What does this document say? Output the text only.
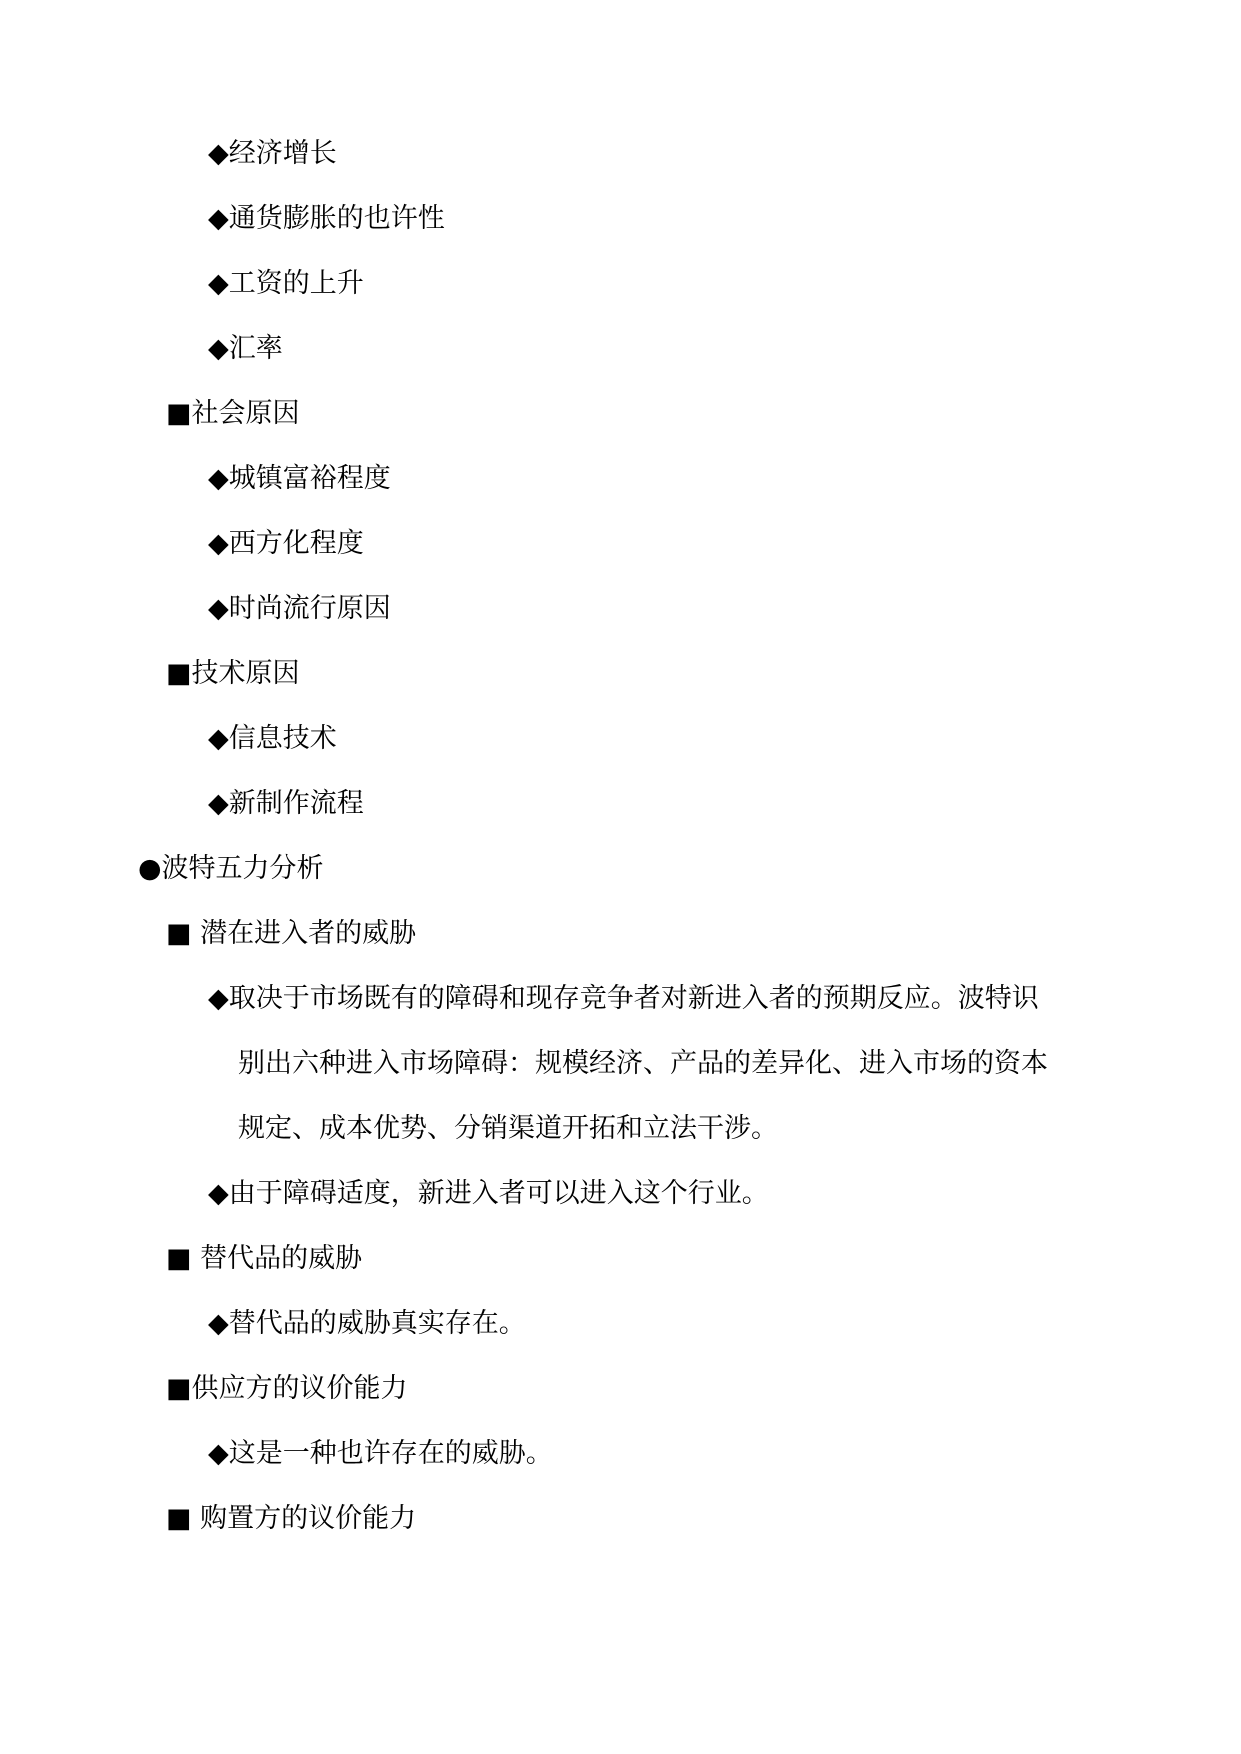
◆经济增长
◆通货膨胀的也许性
◆工资的上升
◆汇率
■社会原因
◆城镇富裕程度
◆西方化程度
◆时尚流行原因
■技术原因
◆信息技术
◆新制作流程
●波特五力分析
■ 潜在进入者的威胁
◆取决于市场既有的障碍和现存竞争者对新进入者的预期反应。波特识
别出六种进入市场障碍：规模经济、产品的差异化、进入市场的资本
规定、成本优势、分销渠道开拓和立法干涉。
◆由于障碍适度，新进入者可以进入这个行业。
■ 替代品的威胁
◆替代品的威胁真实存在。
■供应方的议价能力
◆这是一种也许存在的威胁。
■ 购置方的议价能力
